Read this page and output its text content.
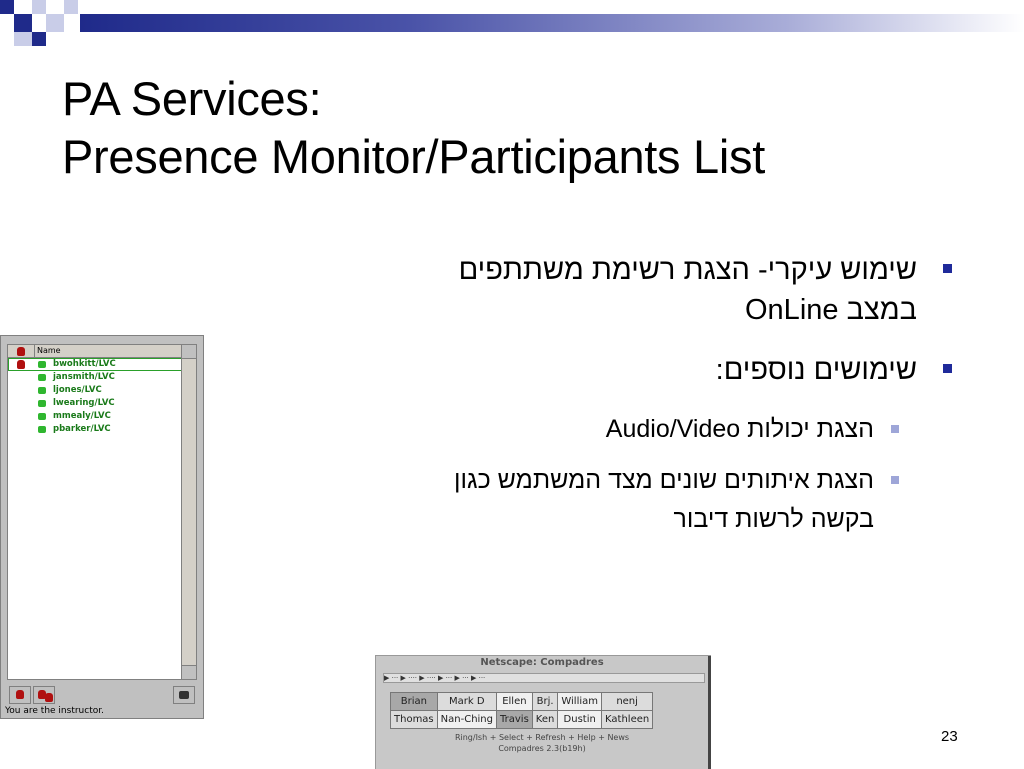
PA Services:
Presence Monitor/Participants List
שימוש עיקרי- הצגת רשימת משתתפים
במצב OnLine
שימושים נוספים:
הצגת יכולות Audio/Video
הצגת איתותים שונים מצד המשתמש כגון
בקשה לרשות דיבור
Name
bwohkitt/LVC
jansmith/LVC
ljones/LVC
lwearing/LVC
mmealy/LVC
pbarker/LVC
You are the instructor.
Netscape: Compadres
▶ ··· ▶ ···· ▶ ···· ▶ ··· ▶ ··· ▶ ···
Brian	Mark D	Ellen	Brj.	William	nenj
Thomas	Nan-Ching	Travis	Ken	Dustin	Kathleen
Ring/Ish + Select + Refresh + Help + News
Compadres 2.3(b19h)
23
